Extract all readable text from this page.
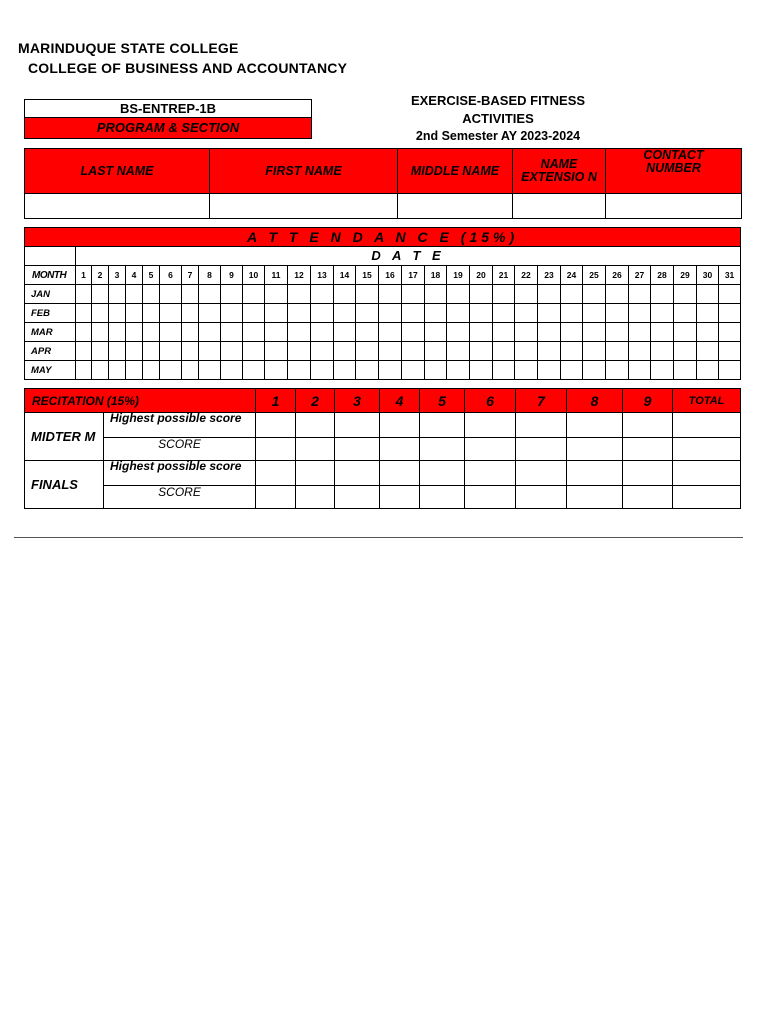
MARINDUQUE STATE COLLEGE
COLLEGE OF BUSINESS AND ACCOUNTANCY
BS-ENTREP-1B
PROGRAM & SECTION
EXERCISE-BASED FITNESS ACTIVITIES
2nd Semester AY 2023-2024
LAST NAME	FIRST NAME	MIDDLE NAME	NAME EXTENSIO N	CONTACT NUMBER

A T T E N D A N C E (15%)																															
	D A T E																														
MONTH	1	2	3	4	5	6	7	8	9	10	11	12	13	14	15	16	17	18	19	20	21	22	23	24	25	26	27	28	29	30	31
JAN																															
FEB																															
MAR																															
APR																															
MAY																															
RECITATION (15%)		1	2	3	4	5	6	7	8	9	TOTAL
MIDTER M	Highest possible score										
	SCORE										
FINALS	Highest possible score										
	SCORE										
